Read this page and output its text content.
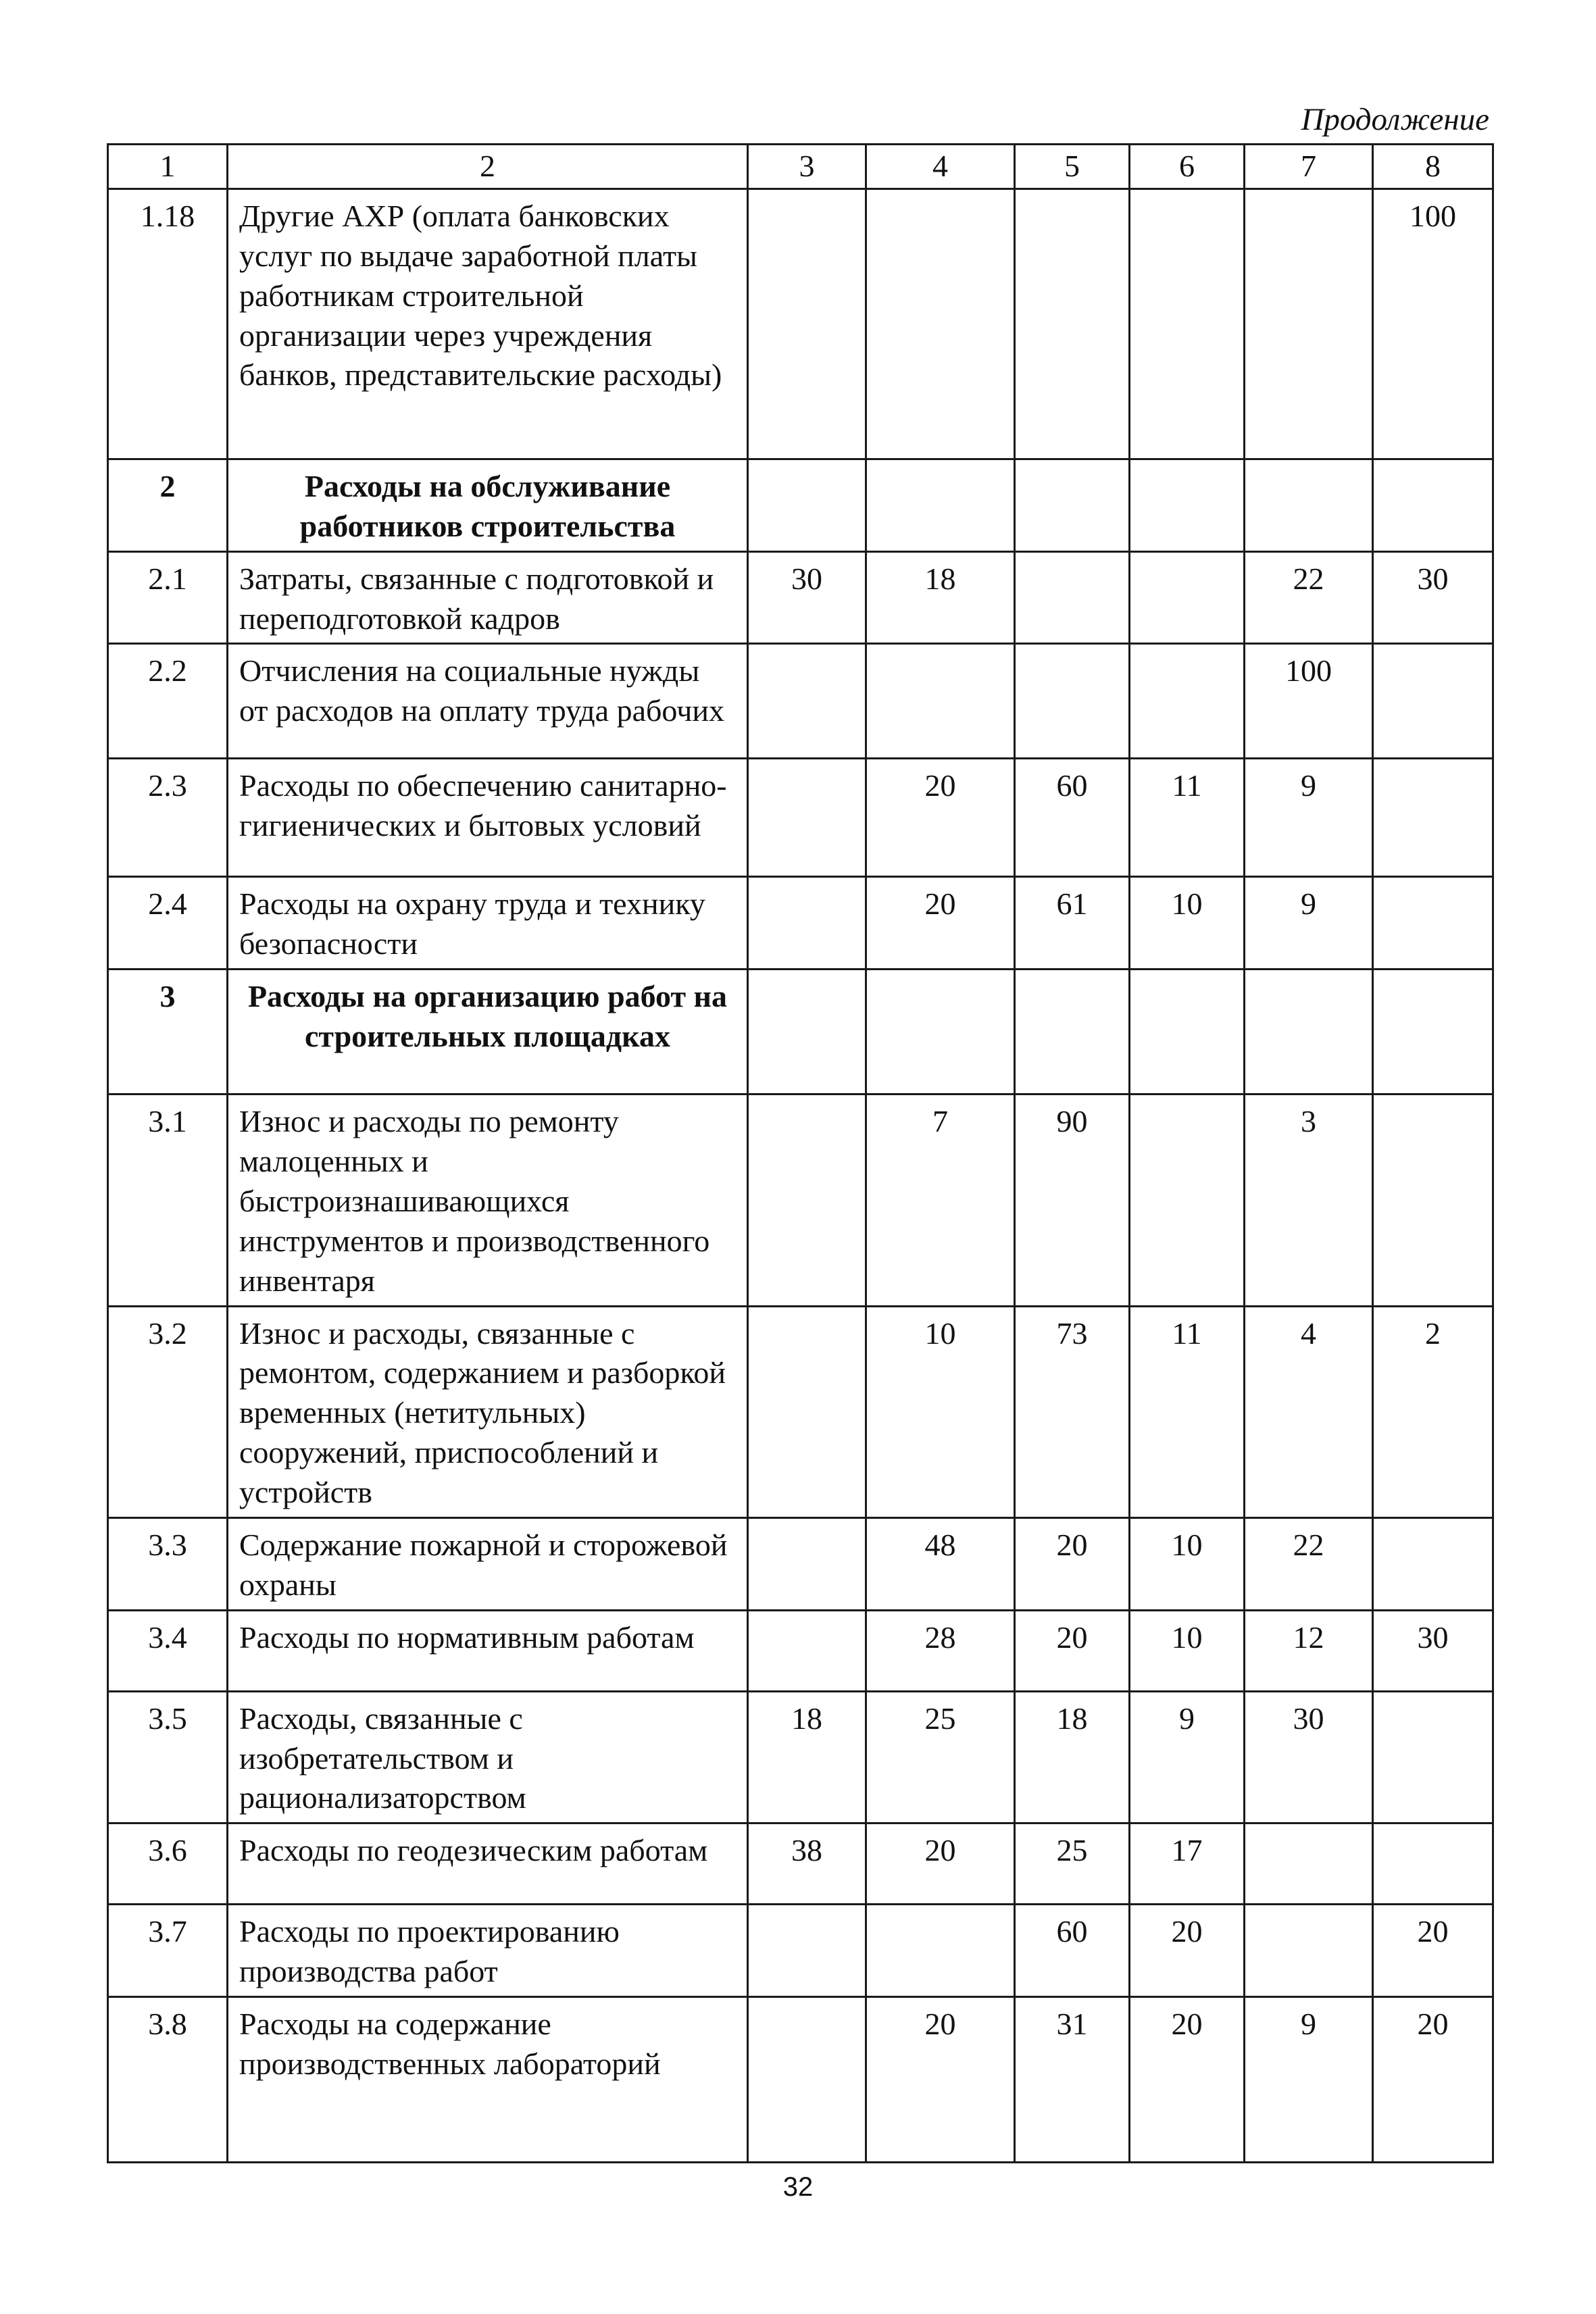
Продолжение
1	2	3	4	5	6	7	8
1.18	Другие АХР (оплата банковских услуг по выдаче заработной платы работникам строительной организации через учреждения банков, представительские расходы)						100
2	Расходы на обслуживание работников строительства						
2.1	Затраты, связанные с подготовкой и переподготовкой кадров	30	18			22	30
2.2	Отчисления на социальные нужды от расходов на оплату труда рабочих					100	
2.3	Расходы по обеспечению санитарно-гигиенических и бытовых условий		20	60	11	9	
2.4	Расходы на охрану труда и технику безопасности		20	61	10	9	
3	Расходы на организацию работ на строительных площадках						
3.1	Износ и расходы по ремонту малоценных и быстроизнашивающихся инструментов и производственного инвентаря		7	90		3	
3.2	Износ и расходы, связанные с ремонтом, содержанием и разборкой временных (нетитульных) сооружений, приспособлений и устройств		10	73	11	4	2
3.3	Содержание пожарной и сторожевой охраны		48	20	10	22	
3.4	Расходы по нормативным работам		28	20	10	12	30
3.5	Расходы, связанные с изобретательством и рационализаторством	18	25	18	9	30	
3.6	Расходы по геодезическим работам	38	20	25	17		
3.7	Расходы по проектированию производства работ			60	20		20
3.8	Расходы на содержание производственных лабораторий		20	31	20	9	20
32
